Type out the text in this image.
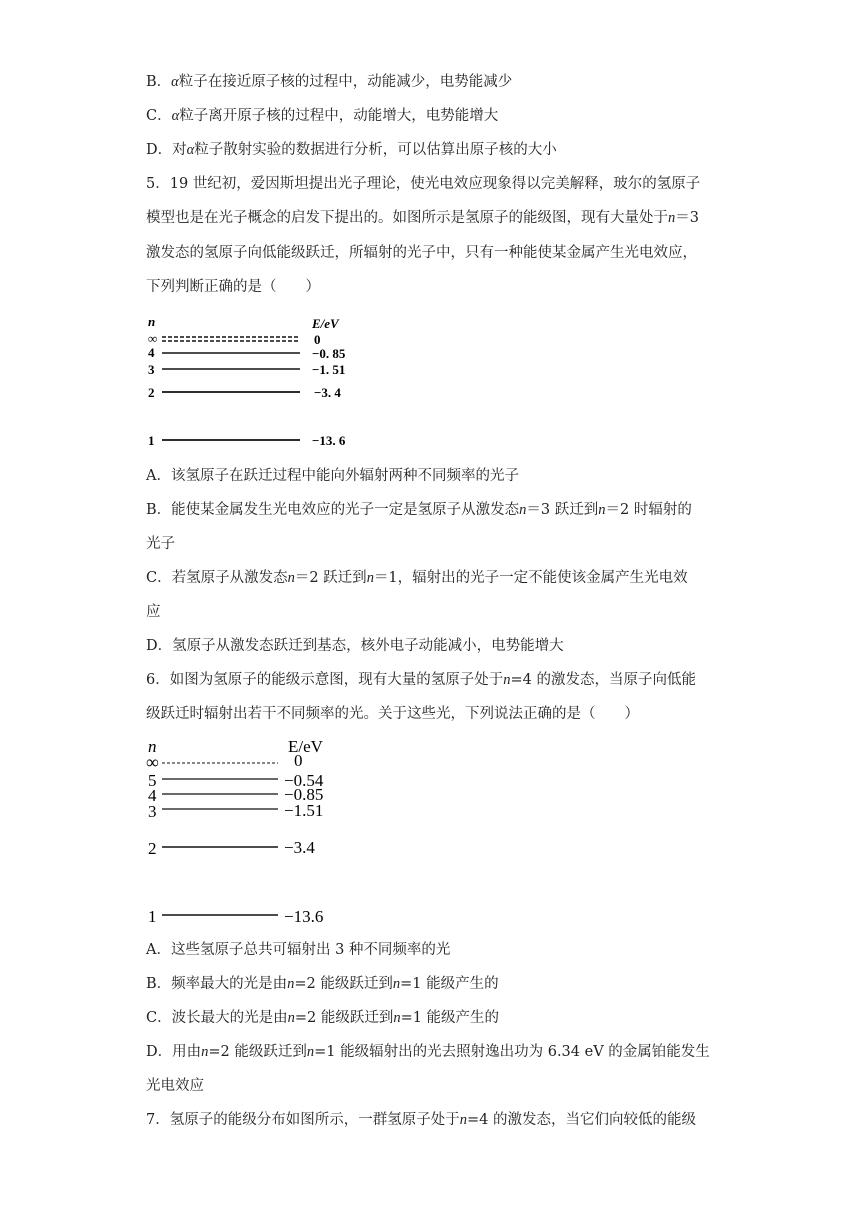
B．α粒子在接近原子核的过程中，动能减少，电势能减少
C．α粒子离开原子核的过程中，动能增大，电势能增大
D．对α粒子散射实验的数据进行分析，可以估算出原子核的大小
5．19 世纪初，爱因斯坦提出光子理论，使光电效应现象得以完美解释，玻尔的氢原子
模型也是在光子概念的启发下提出的。如图所示是氢原子的能级图，现有大量处于n＝3
激发态的氢原子向低能级跃迁，所辐射的光子中，只有一种能使某金属产生光电效应，
下列判断正确的是（　　）
n	E/eV
∞	0
4	−0. 85
3	−1. 51
2	−3. 4
1	−13. 6
A．该氢原子在跃迁过程中能向外辐射两种不同频率的光子
B．能使某金属发生光电效应的光子一定是氢原子从激发态n＝3 跃迁到n＝2 时辐射的
光子
C．若氢原子从激发态n＝2 跃迁到n＝1，辐射出的光子一定不能使该金属产生光电效
应
D．氢原子从激发态跃迁到基态，核外电子动能减小，电势能增大
6．如图为氢原子的能级示意图，现有大量的氢原子处于n=4 的激发态，当原子向低能
级跃迁时辐射出若干不同频率的光。关于这些光，下列说法正确的是（　　）
n	E/eV
∞	0
5	−0.54
4	−0.85
3	−1.51
2	−3.4
1	−13.6
A．这些氢原子总共可辐射出 3 种不同频率的光
B．频率最大的光是由n=2 能级跃迁到n=1 能级产生的
C．波长最大的光是由n=2 能级跃迁到n=1 能级产生的
D．用由n=2 能级跃迁到n=1 能级辐射出的光去照射逸出功为 6.34 eV 的金属铂能发生
光电效应
7．氢原子的能级分布如图所示，一群氢原子处于n=4 的激发态，当它们向较低的能级
